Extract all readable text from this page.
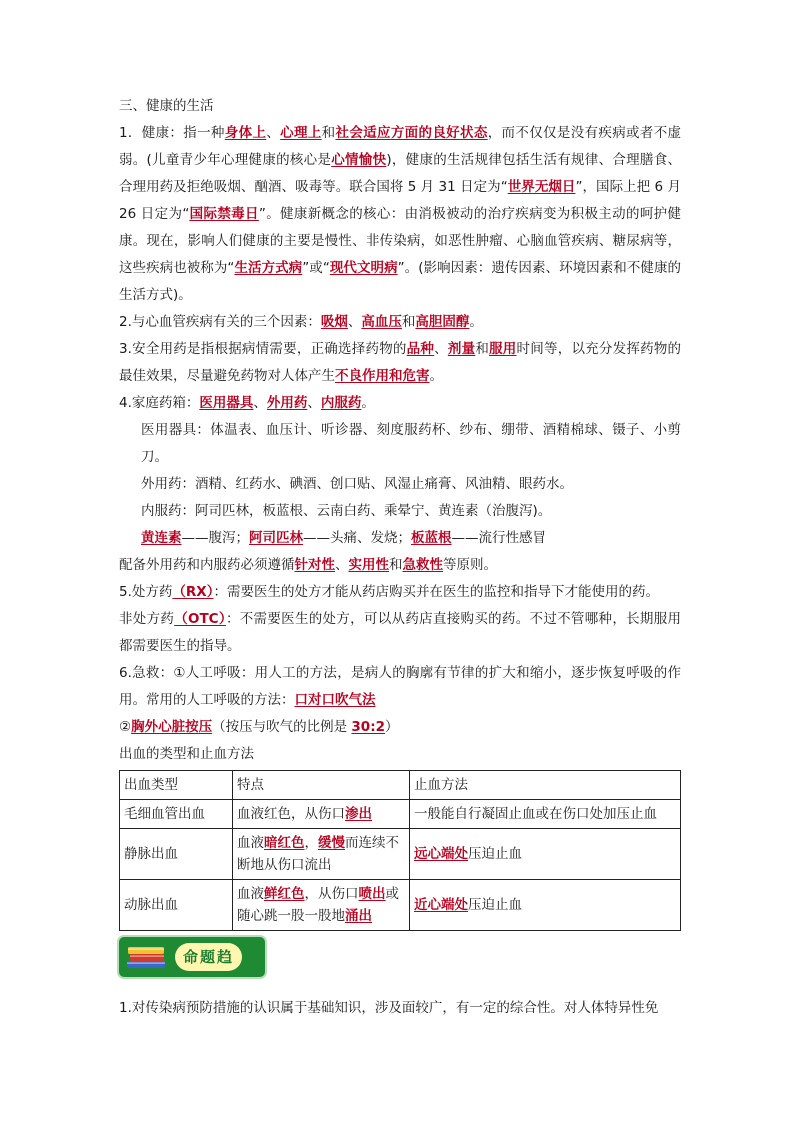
三、健康的生活

1．健康：指一种身体上、心理上和社会适应方面的良好状态，而不仅仅是没有疾病或者不虚弱。(儿童青少年心理健康的核心是心情愉快)，健康的生活规律包括生活有规律、合理膳食、合理用药及拒绝吸烟、酗酒、吸毒等。联合国将 5 月 31 日定为“世界无烟日”，国际上把 6 月 26 日定为“国际禁毒日”。健康新概念的核心：由消极被动的治疗疾病变为积极主动的呵护健康。现在，影响人们健康的主要是慢性、非传染病，如恶性肿瘤、心脑血管疾病、糖尿病等，这些疾病也被称为“生活方式病”或“现代文明病”。(影响因素：遗传因素、环境因素和不健康的生活方式)。

2.与心血管疾病有关的三个因素：吸烟、高血压和高胆固醇。

3.安全用药是指根据病情需要，正确选择药物的品种、剂量和服用时间等，以充分发挥药物的最佳效果，尽量避免药物对人体产生不良作用和危害。

4.家庭药箱：医用器具、外用药、内服药。

医用器具：体温表、血压计、听诊器、刻度服药杯、纱布、绷带、酒精棉球、镊子、小剪刀。

外用药：酒精、红药水、碘酒、创口贴、风湿止痛膏、风油精、眼药水。

内服药：阿司匹林，板蓝根、云南白药、乘晕宁、黄连素（治腹泻)。

黄连素——腹泻；阿司匹林——头痛、发烧；板蓝根——流行性感冒

配备外用药和内服药必须遵循针对性、实用性和急救性等原则。

5.处方药（RX）：需要医生的处方才能从药店购买并在医生的监控和指导下才能使用的药。

非处方药（OTC）：不需要医生的处方，可以从药店直接购买的药。不过不管哪种，长期服用都需要医生的指导。

6.急救：①人工呼吸：用人工的方法，是病人的胸廓有节律的扩大和缩小，逐步恢复呼吸的作用。常用的人工呼吸的方法：口对口吹气法

②胸外心脏按压（按压与吹气的比例是 30:2）

出血的类型和止血方法

出血类型	特点	止血方法
毛细血管出血	血液红色，从伤口渗出	一般能自行凝固止血或在伤口处加压止血
静脉出血	血液暗红色，缓慢而连续不断地从伤口流出	远心端处压迫止血
动脉出血	血液鲜红色，从伤口喷出或随心跳一股一股地涌出	近心端处压迫止血
命题趋

1.对传染病预防措施的认识属于基础知识，涉及面较广，有一定的综合性。对人体特异性免
